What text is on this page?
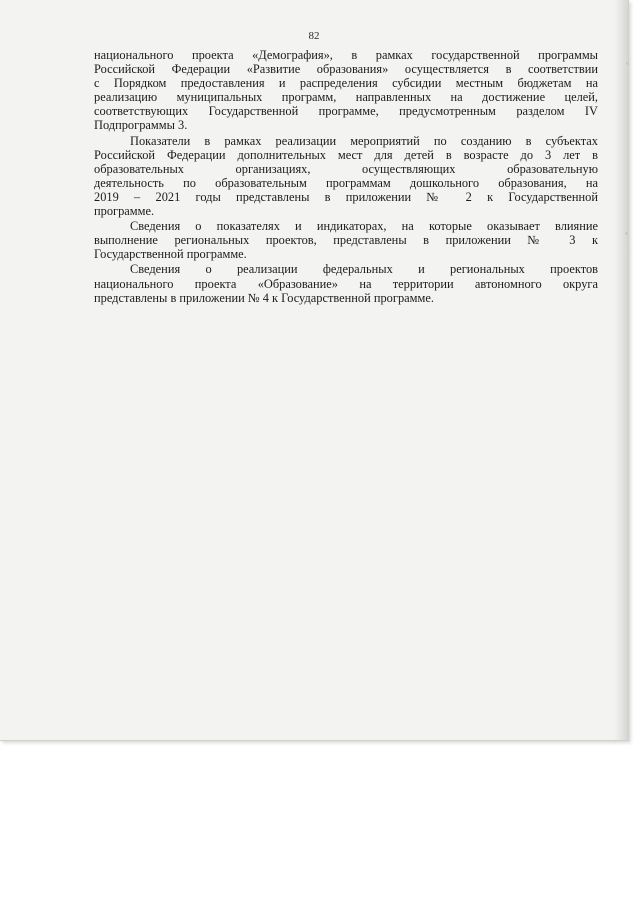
82
национального проекта «Демография», в рамках государственной программы
Российской Федерации «Развитие образования» осуществляется в соответствии
с Порядком предоставления и распределения субсидии местным бюджетам на
реализацию муниципальных программ, направленных на достижение целей,
соответствующих Государственной программе, предусмотренным разделом IV
Подпрограммы 3.
Показатели в рамках реализации мероприятий по созданию в субъектах
Российской Федерации дополнительных мест для детей в возрасте до 3 лет в
образовательных организациях, осуществляющих образовательную
деятельность по образовательным программам дошкольного образования, на
2019 – 2021 годы представлены в приложении № 2 к Государственной
программе.
Сведения о показателях и индикаторах, на которые оказывает влияние
выполнение региональных проектов, представлены в приложении № 3 к
Государственной программе.
Сведения о реализации федеральных и региональных проектов
национального проекта «Образование» на территории автономного округа
представлены в приложении № 4 к Государственной программе.
